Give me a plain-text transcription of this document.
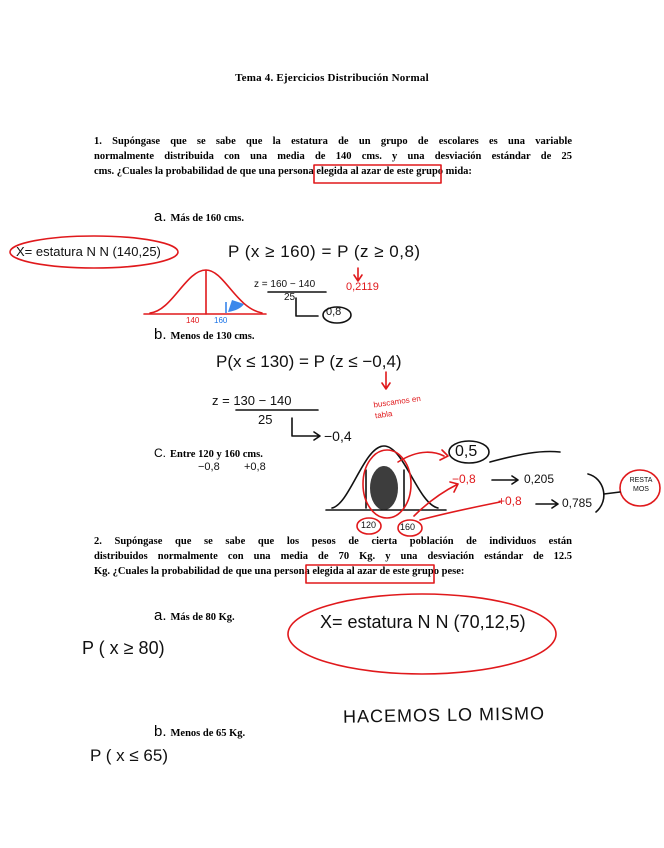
Tema 4. Ejercicios Distribución Normal
1. Supóngase que se sabe que la estatura de un grupo de escolares es una variable
normalmente distribuida con una media de 140 cms. y una desviación estándar de 25
cms. ¿Cuales la probabilidad de que una persona elegida al azar de este grupo mida:
a. Más de 160 cms.
b. Menos de 130 cms.
C. Entre 120 y 160 cms.
2. Supóngase que se sabe que los pesos de cierta población de individuos están
distribuidos normalmente con una media de 70 Kg. y una desviación estándar de 12.5
Kg. ¿Cuales la probabilidad de que una persona elegida al azar de este grupo pese:
a. Más de 80 Kg.
b. Menos de 65 Kg.
X= estatura N N (140,25)	P (x ≥ 160) = P (z ≥ 0,8)
z = 160 − 140
25
0,8
0,2119
140 160
P(x ≤ 130) = P (z ≤ −0,4)
z = 130 − 140
25
−0,4
buscamos en tabla
−0,8 +0,8
0,5
−0,8	0,205
+0,8	0,785
RESTA MOS
120	160
X= estatura N N (70,12,5)
P ( x ≥ 80)
HACEMOS LO MISMO
P ( x ≤ 65)
